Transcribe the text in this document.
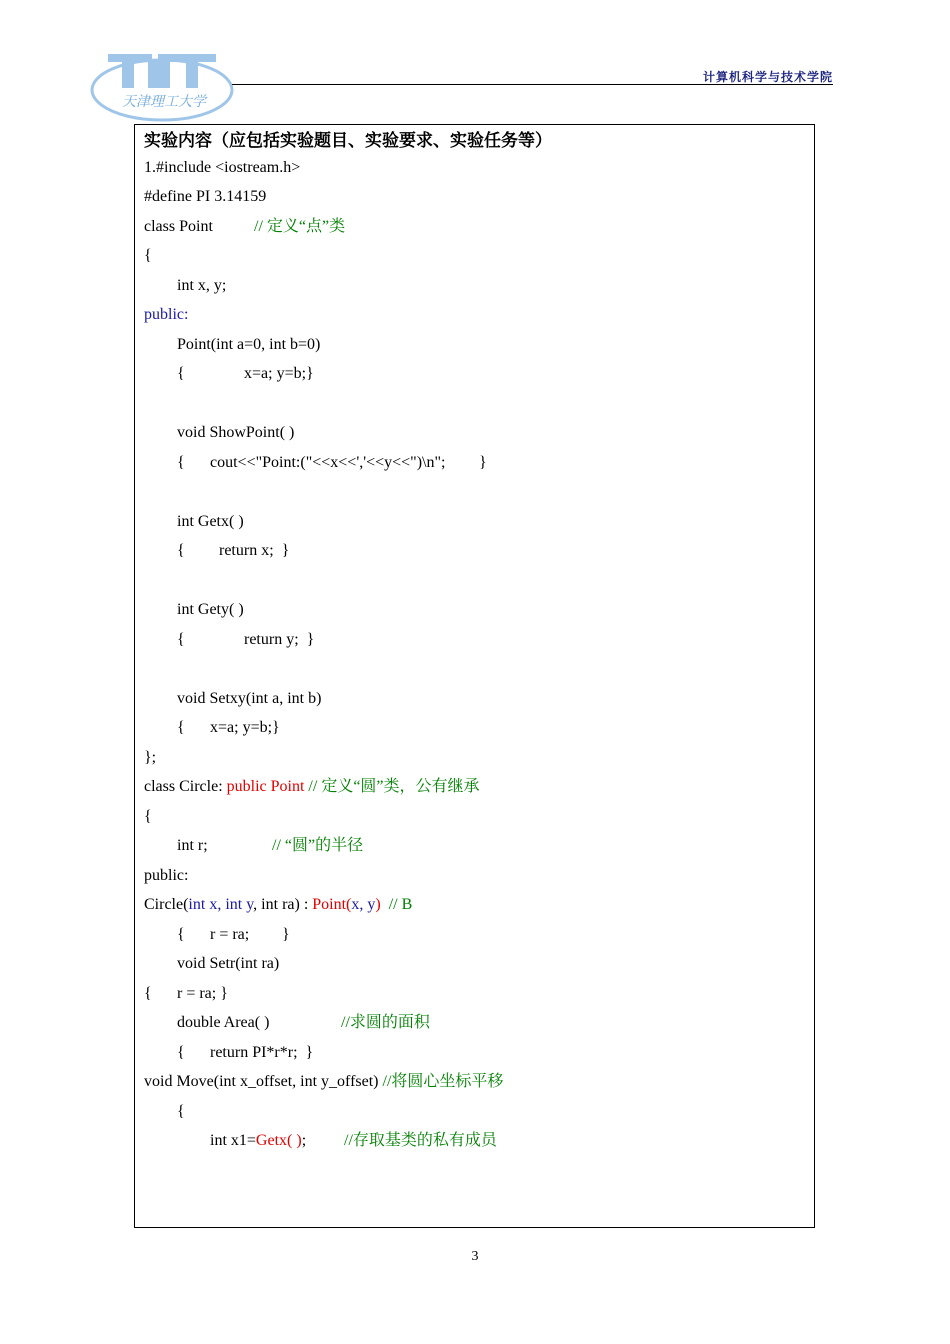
天津理工大学
计算机科学与技术学院
实验内容（应包括实验题目、实验要求、实验任务等）
1.#include <iostream.h>
#define PI 3.14159
class Point	// 定义“点”类
{
int x, y;
public:
Point(int a=0, int b=0)
{	x=a; y=b;}
void ShowPoint( )
{ cout<<"Point:("<<x<<','<<y<<")\n"; }
int Getx( )
{ return x;  }
int Gety( )
{	return y;  }
void Setxy(int a, int b)
{ x=a; y=b;}
};
class Circle: public Point // 定义“圆”类，公有继承
{
int r;	// “圆”的半径
public:
Circle(int x, int y, int ra) : Point(x, y)  // B
{ r = ra; }
void Setr(int ra)
{ r = ra; }
double Area( )	//求圆的面积
{ return PI*r*r;  }
void Move(int x_offset, int y_offset) //将圆心坐标平移
{
int x1=Getx( ); //存取基类的私有成员
3
